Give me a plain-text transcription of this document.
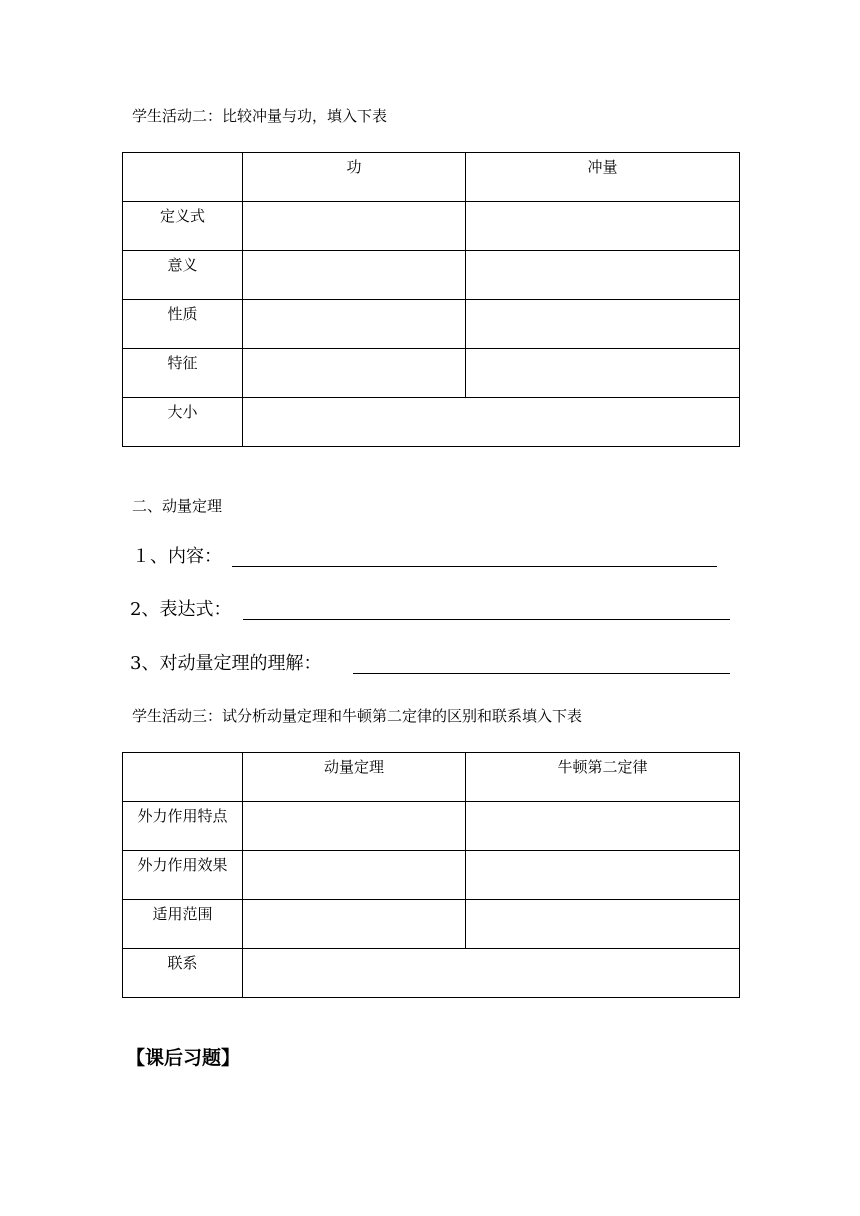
学生活动二：比较冲量与功，填入下表

	功	冲量

定义式		

意义		

性质		

特征		

大小		

二、动量定理
１、内容：
2、表达式：
3、对动量定理的理解：
学生活动三：试分析动量定理和牛顿第二定律的区别和联系填入下表

	动量定理	牛顿第二定律

外力作用特点		

外力作用效果		

适用范围		

联系		

【课后习题】
